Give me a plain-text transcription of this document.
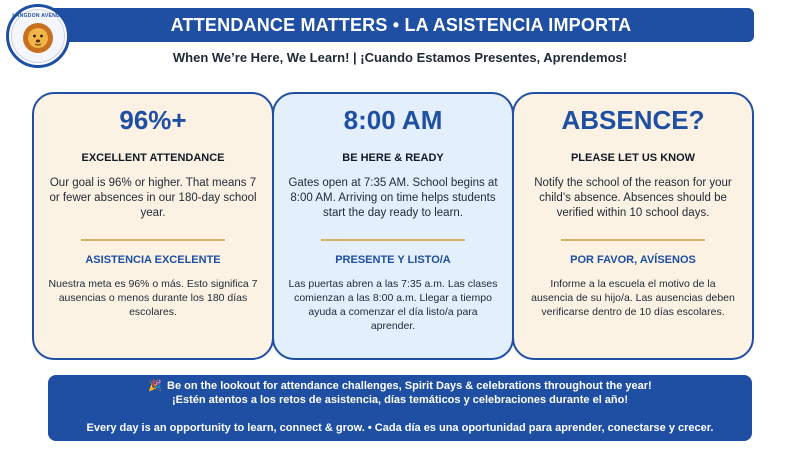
LANGDON AVENUE	ATTENDANCE MATTERS • LA ASISTENCIA IMPORTA
When We’re Here, We Learn! | ¡Cuando Estamos Presentes, Aprendemos!
96%+
EXCELLENT ATTENDANCE
Our goal is 96% or higher. That means 7 or fewer absences in our 180-day school year.
ASISTENCIA EXCELENTE
Nuestra meta es 96% o más. Esto significa 7 ausencias o menos durante los 180 días escolares.
8:00 AM
BE HERE & READY
Gates open at 7:35 AM. School begins at 8:00 AM. Arriving on time helps students start the day ready to learn.
PRESENTE Y LISTO/A
Las puertas abren a las 7:35 a.m. Las clases comienzan a las 8:00 a.m. Llegar a tiempo ayuda a comenzar el día listo/a para aprender.
ABSENCE?
PLEASE LET US KNOW
Notify the school of the reason for your child’s absence. Absences should be verified within 10 school days.
POR FAVOR, AVÍSENOS
Informe a la escuela el motivo de la ausencia de su hijo/a. Las ausencias deben verificarse dentro de 10 días escolares.
🎉 Be on the lookout for attendance challenges, Spirit Days & celebrations throughout the year!
¡Estén atentos a los retos de asistencia, días temáticos y celebraciones durante el año!
Every day is an opportunity to learn, connect & grow. • Cada día es una oportunidad para aprender, conectarse y crecer.
